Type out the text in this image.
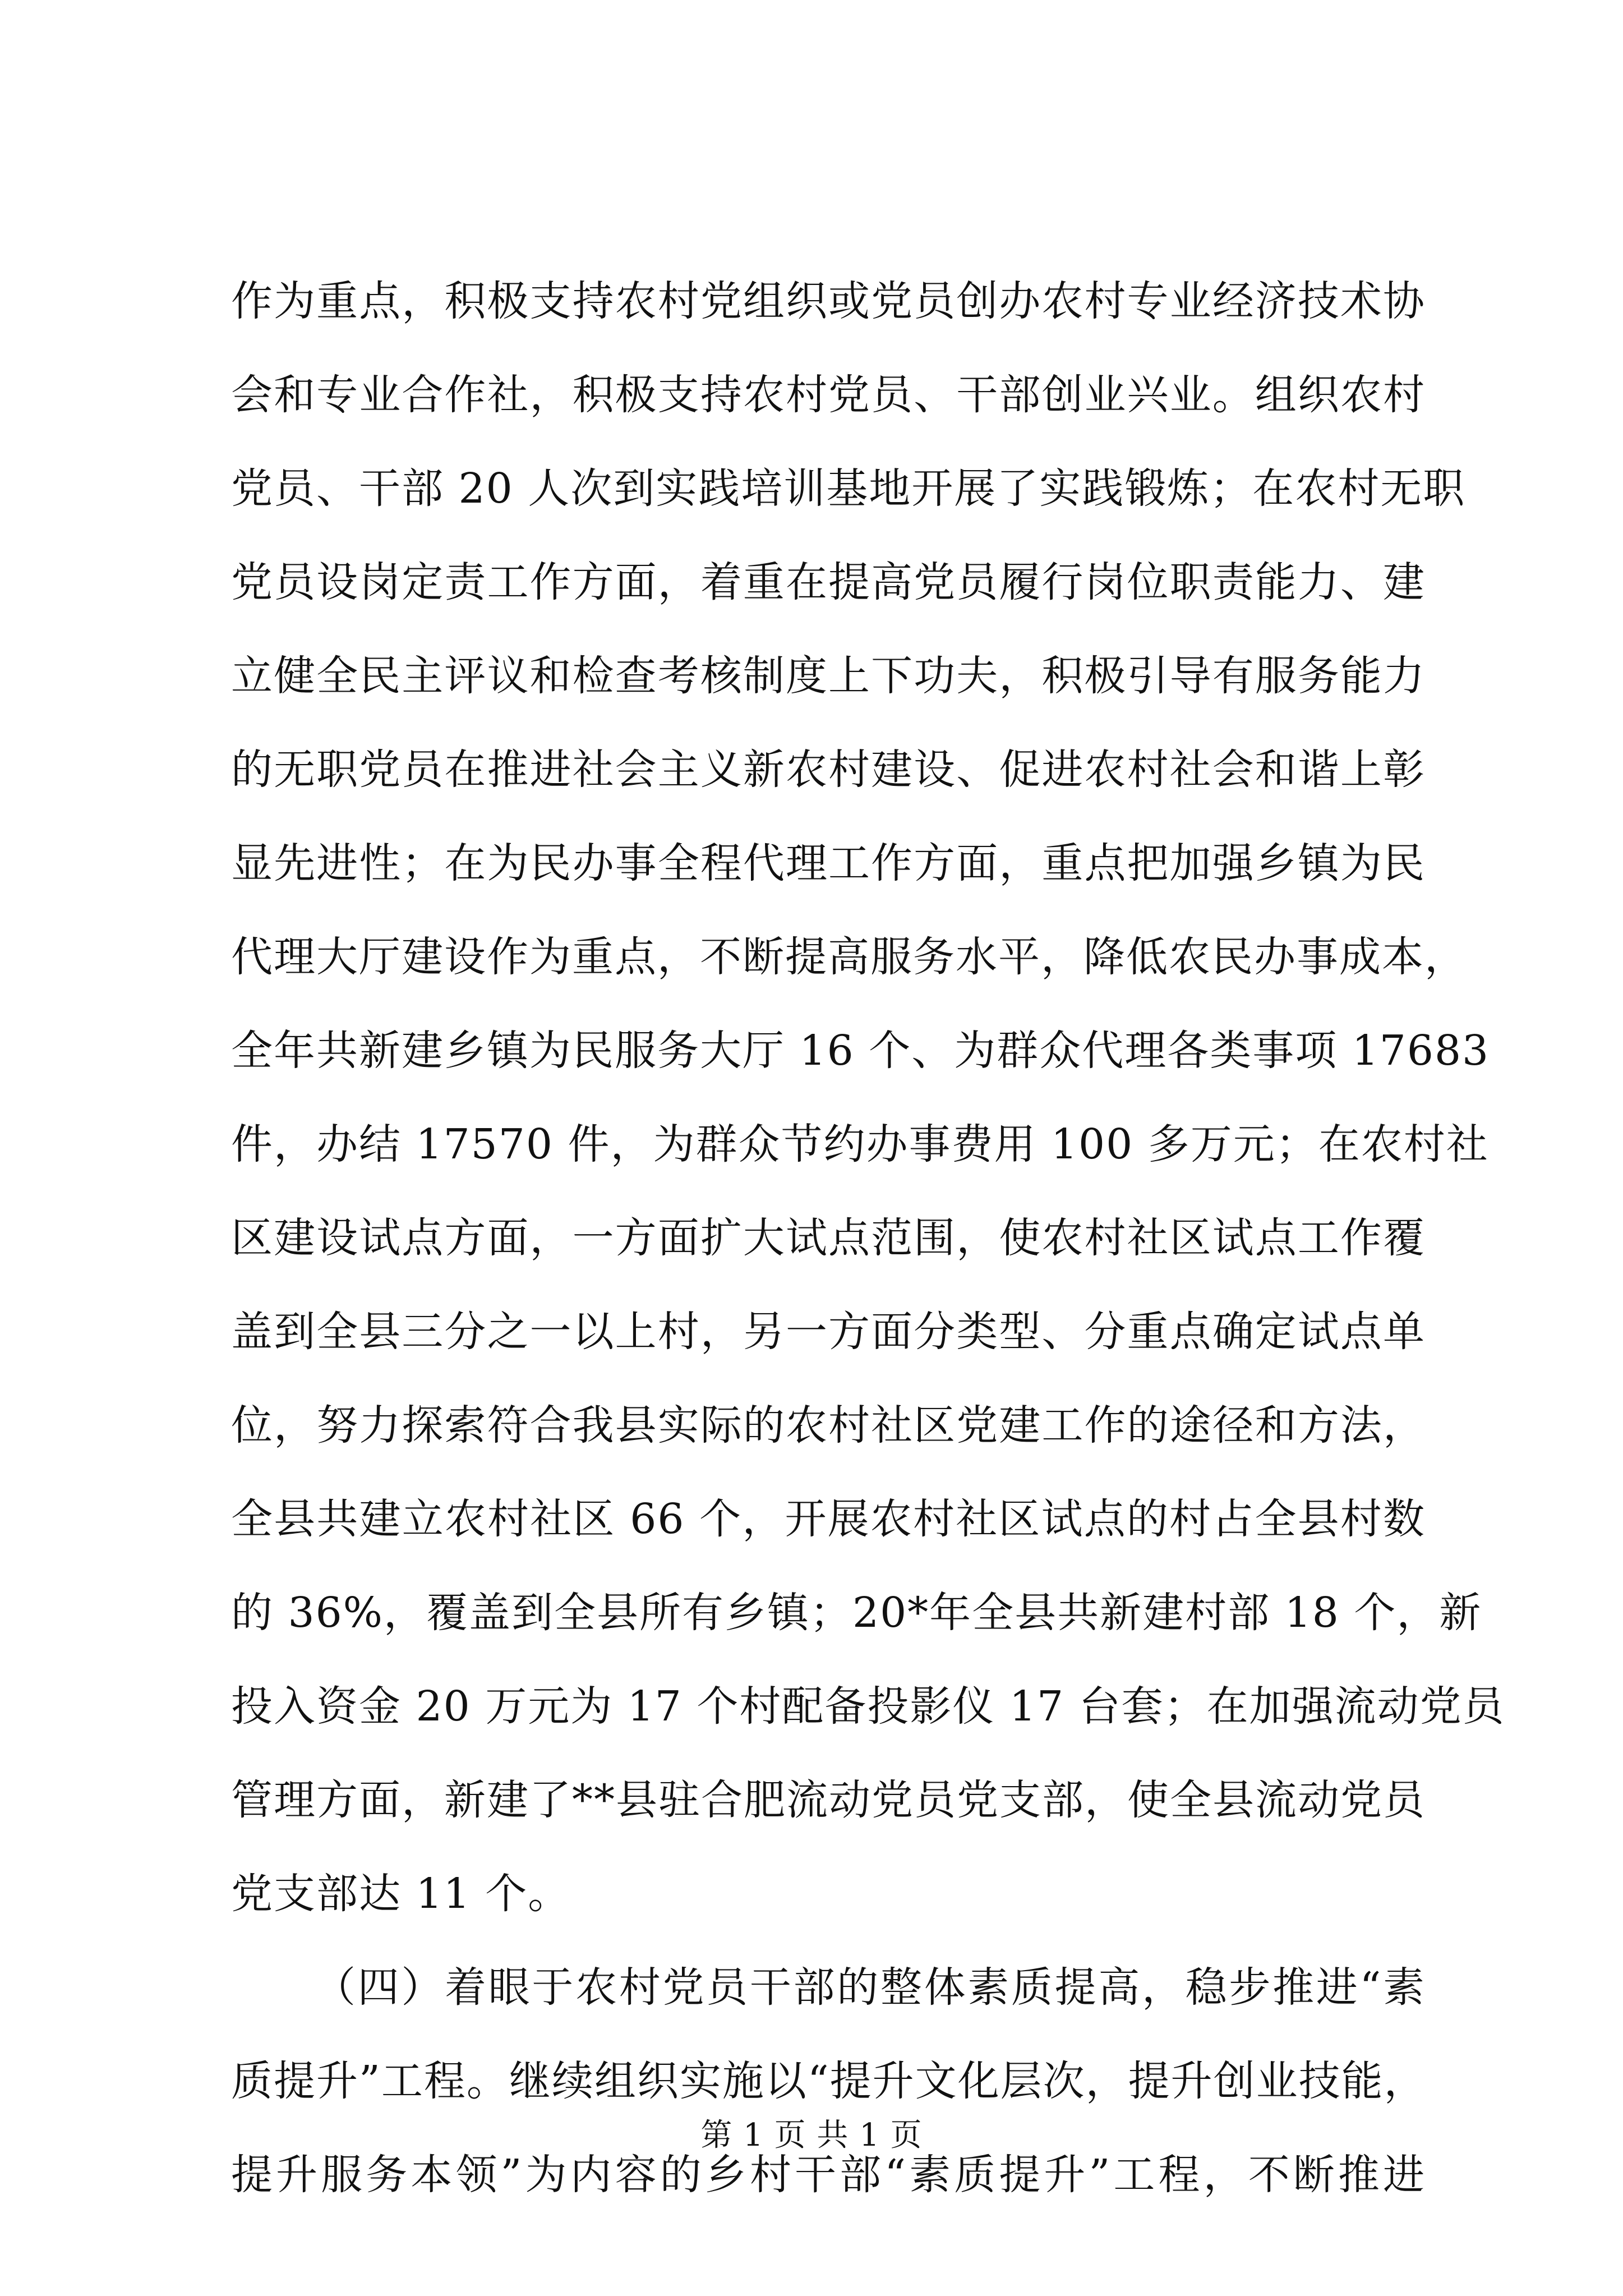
作为重点，积极支持农村党组织或党员创办农村专业经济技术协
会和专业合作社，积极支持农村党员、干部创业兴业。组织农村
党员、干部 20 人次到实践培训基地开展了实践锻炼；在农村无职
党员设岗定责工作方面，着重在提高党员履行岗位职责能力、建
立健全民主评议和检查考核制度上下功夫，积极引导有服务能力
的无职党员在推进社会主义新农村建设、促进农村社会和谐上彰
显先进性；在为民办事全程代理工作方面，重点把加强乡镇为民
代理大厅建设作为重点，不断提高服务水平，降低农民办事成本，
全年共新建乡镇为民服务大厅 16 个、为群众代理各类事项 17683
件，办结 17570 件，为群众节约办事费用 100 多万元；在农村社
区建设试点方面，一方面扩大试点范围，使农村社区试点工作覆
盖到全县三分之一以上村，另一方面分类型、分重点确定试点单
位，努力探索符合我县实际的农村社区党建工作的途径和方法，
全县共建立农村社区 66 个，开展农村社区试点的村占全县村数
的 36%，覆盖到全县所有乡镇；20*年全县共新建村部 18 个，新
投入资金 20 万元为 17 个村配备投影仪 17 台套；在加强流动党员
管理方面，新建了**县驻合肥流动党员党支部，使全县流动党员
党支部达 11 个。
（四）着眼于农村党员干部的整体素质提高，稳步推进“素
质提升”工程。继续组织实施以“提升文化层次，提升创业技能，
提升服务本领”为内容的乡村干部“素质提升”工程，不断推进
第 1 页 共 1 页
